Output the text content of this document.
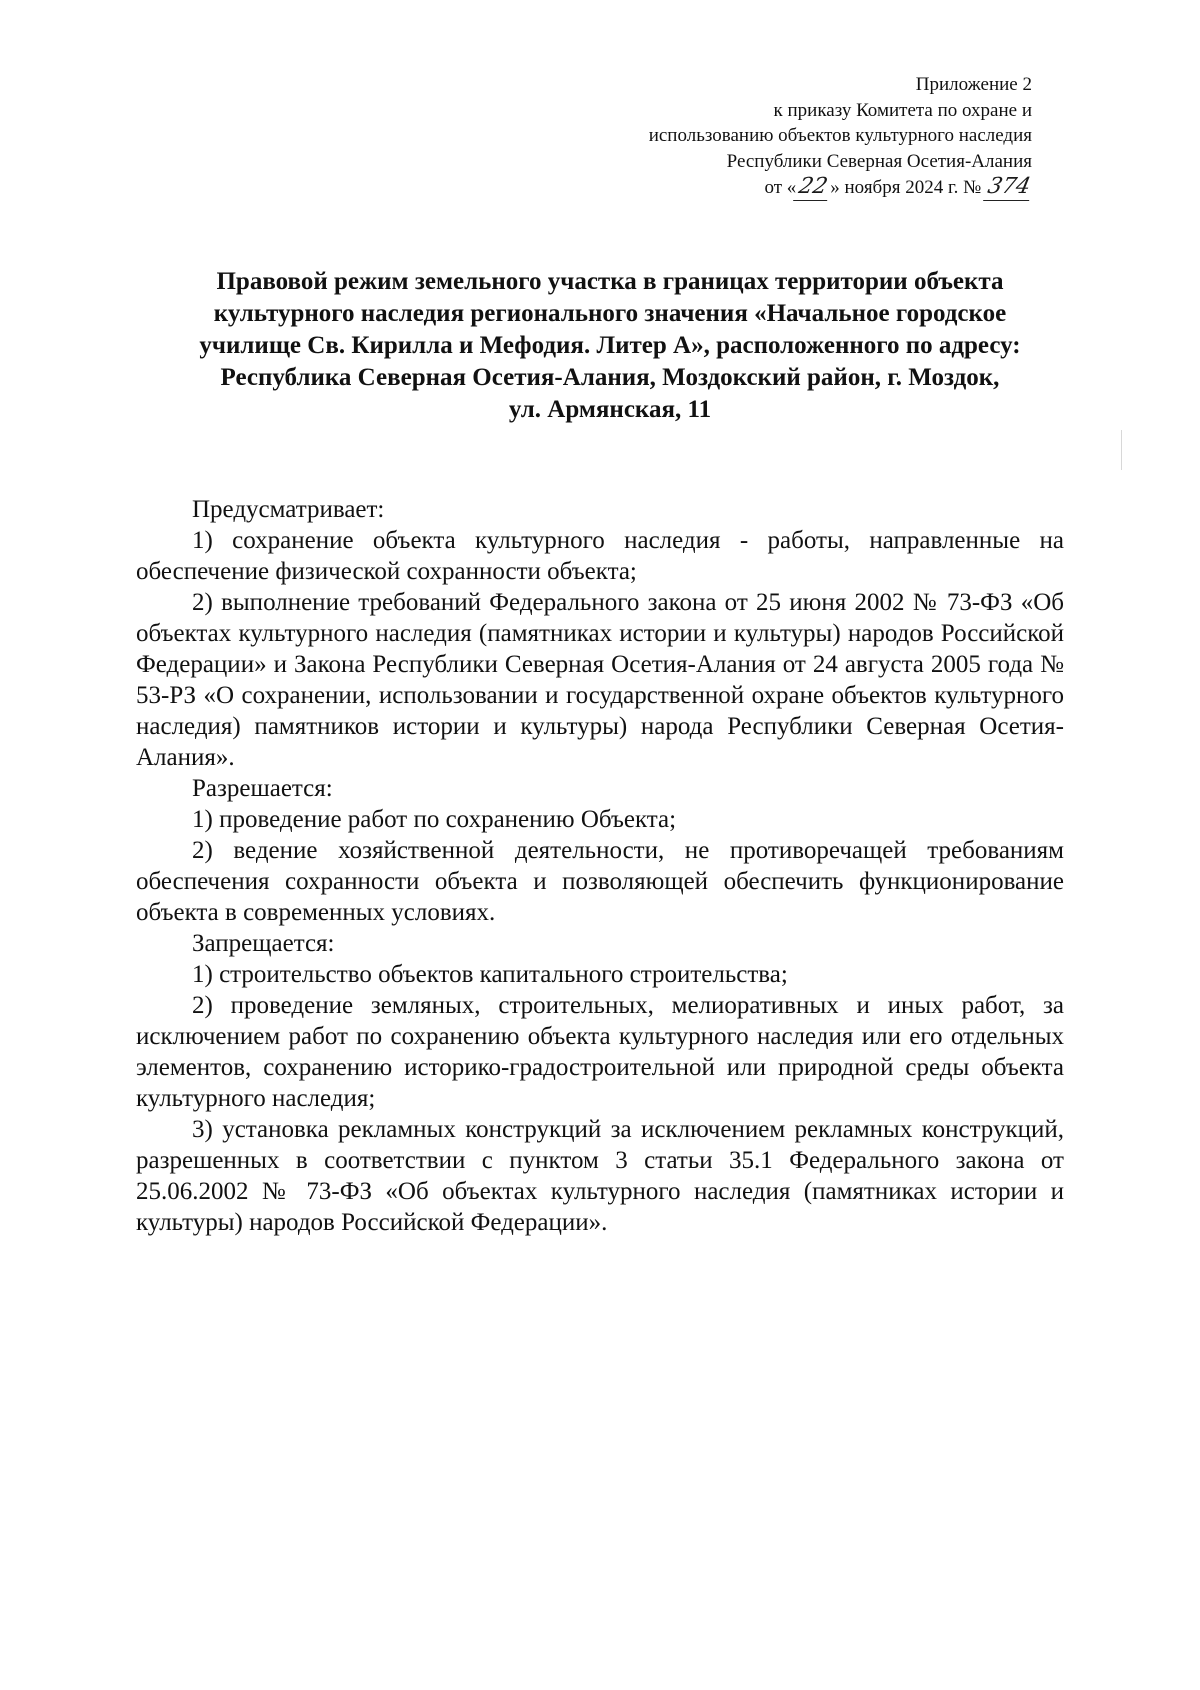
Приложение 2
к приказу Комитета по охране и
использованию объектов культурного наследия
Республики Северная Осетия-Алания
от «22» ноября 2024 г. № 374
Правовой режим земельного участка в границах территории объекта
культурного наследия регионального значения «Начальное городское
училище Св. Кирилла и Мефодия. Литер А», расположенного по адресу:
Республика Северная Осетия-Алания, Моздокский район, г. Моздок,
ул. Армянская, 11

Предусматривает:

1) сохранение объекта культурного наследия - работы, направленные на обеспечение физической сохранности объекта;

2) выполнение требований Федерального закона от 25 июня 2002 № 73-ФЗ «Об объектах культурного наследия (памятниках истории и культуры) народов Российской Федерации» и Закона Республики Северная Осетия-Алания от 24 августа 2005 года № 53-РЗ «О сохранении, использовании и государственной охране объектов культурного наследия) памятников истории и культуры) народа Республики Северная Осетия-Алания».

Разрешается:

1) проведение работ по сохранению Объекта;

2) ведение хозяйственной деятельности, не противоречащей требованиям обеспечения сохранности объекта и позволяющей обеспечить функционирование объекта в современных условиях.

Запрещается:

1) строительство объектов капитального строительства;

2) проведение земляных, строительных, мелиоративных и иных работ, за исключением работ по сохранению объекта культурного наследия или его отдельных элементов, сохранению историко-градостроительной или природной среды объекта культурного наследия;

3) установка рекламных конструкций за исключением рекламных конструкций, разрешенных в соответствии с пунктом 3 статьи 35.1 Федерального закона от 25.06.2002 № 73-ФЗ «Об объектах культурного наследия (памятниках истории и культуры) народов Российской Федерации».
